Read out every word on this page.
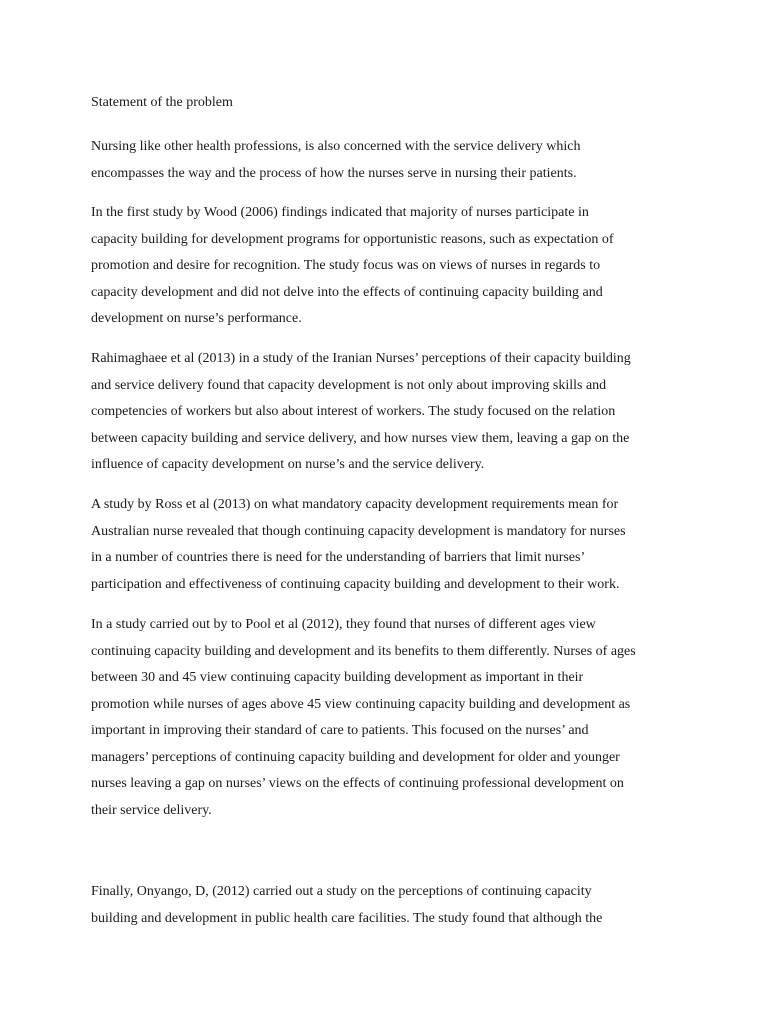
Statement of the problem
Nursing like other health professions, is also concerned with the service delivery which
encompasses the way and the process of how the nurses serve in nursing their patients.
In the first study by Wood (2006) findings indicated that majority of nurses participate in
capacity building for development programs for opportunistic reasons, such as expectation of
promotion and desire for recognition. The study focus was on views of nurses in regards to
capacity development and did not delve into the effects of continuing capacity building and
development on nurse’s performance.
Rahimaghaee et al (2013) in a study of the Iranian Nurses’ perceptions of their capacity building
and service delivery found that capacity development is not only about improving skills and
competencies of workers but also about interest of workers. The study focused on the relation
between capacity building and service delivery, and how nurses view them, leaving a gap on the
influence of capacity development on nurse’s and the service delivery.
A study by Ross et al (2013) on what mandatory capacity development requirements mean for
Australian nurse revealed that though continuing capacity development is mandatory for nurses
in a number of countries there is need for the understanding of barriers that limit nurses’
participation and effectiveness of continuing capacity building and development to their work.
In a study carried out by to Pool et al (2012), they found that nurses of different ages view
continuing capacity building and development and its benefits to them differently. Nurses of ages
between 30 and 45 view continuing capacity building development as important in their
promotion while nurses of ages above 45 view continuing capacity building and development as
important in improving their standard of care to patients. This focused on the nurses’ and
managers’ perceptions of continuing capacity building and development for older and younger
nurses leaving a gap on nurses’ views on the effects of continuing professional development on
their service delivery.
Finally, Onyango, D, (2012) carried out a study on the perceptions of continuing capacity
building and development in public health care facilities. The study found that although the
